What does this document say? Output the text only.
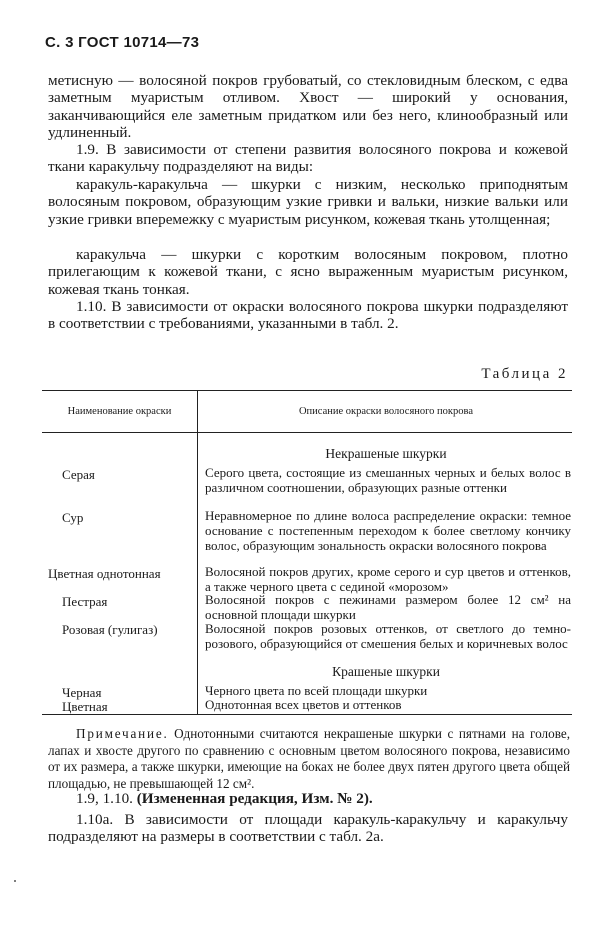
С. 3 ГОСТ 10714—73

метисную — волосяной покров грубоватый, со стекловидным блеском, с едва заметным муаристым отливом. Хвост — широкий у основания, заканчивающийся еле заметным придатком или без него, клинообразный или удлиненный.

1.9. В зависимости от степени развития волосяного покрова и кожевой ткани каракульчу подразделяют на виды:

каракуль-каракульча — шкурки с низким, несколько приподнятым волосяным покровом, образующим узкие гривки и вальки, низкие вальки или узкие гривки вперемежку с муаристым рисунком, кожевая ткань утолщенная;

каракульча — шкурки с коротким волосяным покровом, плотно прилегающим к кожевой ткани, с ясно выраженным муаристым рисунком, кожевая ткань тонкая.

1.10. В зависимости от окраски волосяного покрова шкурки подразделяют в соответствии с требованиями, указанными в табл. 2.

Таблица 2
Наименование окраски	Описание окраски волосяного покрова
Некрашеные шкурки
Серая	Серого цвета, состоящие из смешанных черных и белых волос в различном соотношении, образующих разные оттенки

Сур	Неравномерное по длине волоса распределение окраски: темное основание с постепенным переходом к более светлому кончику волос, образующим зональность окраски волосяного покрова

Цветная однотонная	Волосяной покров других, кроме серого и сур цветов и оттенков, а также черного цвета с сединой «морозом»

Пестрая	Волосяной покров с пежинами размером более 12 см² на основной площади шкурки

Розовая (гулигаз)	Волосяной покров розовых оттенков, от светлого до темно-розового, образующийся от смешения белых и коричневых волос

Крашеные шкурки
Черная	Черного цвета по всей площади шкурки

Цветная	Однотонная всех цветов и оттенков

Примечание. Однотонными считаются некрашеные шкурки с пятнами на голове, лапах и хвосте другого по сравнению с основным цветом волосяного покрова, независимо от их размера, а также шкурки, имеющие на боках не более двух пятен другого цвета общей площадью, не превышающей 12 см².

1.9, 1.10. (Измененная редакция, Изм. № 2).

1.10а. В зависимости от площади каракуль-каракульчу и каракульчу подразделяют на размеры в соответствии с табл. 2а.
